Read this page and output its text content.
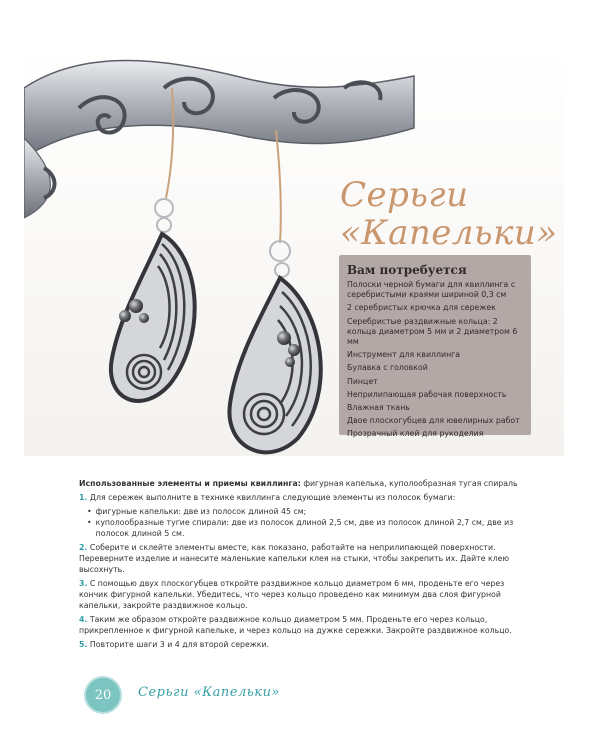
Серьги
«Капельки»
Вам потребуется
Полоски черной бумаги для квиллинга с серебристыми краями шириной 0,3 см
2 серебристых крючка для сережек
Серебристые раздвижные кольца: 2 кольца диаметром 5 мм и 2 диаметром 6 мм
Инструмент для квиллинга
Булавка с головкой
Пинцет
Неприлипающая рабочая поверхность
Влажная ткань
Двое плоскогубцев для ювелирных работ
Прозрачный клей для рукоделия

Использованные элементы и приемы квиллинга: фигурная капелька, куполообразная тугая спираль

1. Для сережек выполните в технике квиллинга следующие элементы из полосок бумаги:

• фигурные капельки: две из полосок длиной 45 см;
• куполообразные тугие спирали: две из полосок длиной 2,5 см, две из полосок длиной 2,7 см, две из полосок длиной 5 см.

2. Соберите и склейте элементы вместе, как показано, работайте на неприлипающей поверхности. Переверните изделие и нанесите маленькие капельки клея на стыки, чтобы закрепить их. Дайте клею высохнуть.

3. С помощью двух плоскогубцев откройте раздвижное кольцо диаметром 6 мм, проденьте его через кончик фигурной капельки. Убедитесь, что через кольцо проведено как минимум два слоя фигурной капельки, закройте раздвижное кольцо.

4. Таким же образом откройте раздвижное кольцо диаметром 5 мм. Проденьте его через кольцо, прикрепленное к фигурной капельке, и через кольцо на дужке сережки. Закройте раздвижное кольцо.

5. Повторите шаги 3 и 4 для второй сережки.

20 Серьги «Капельки»
